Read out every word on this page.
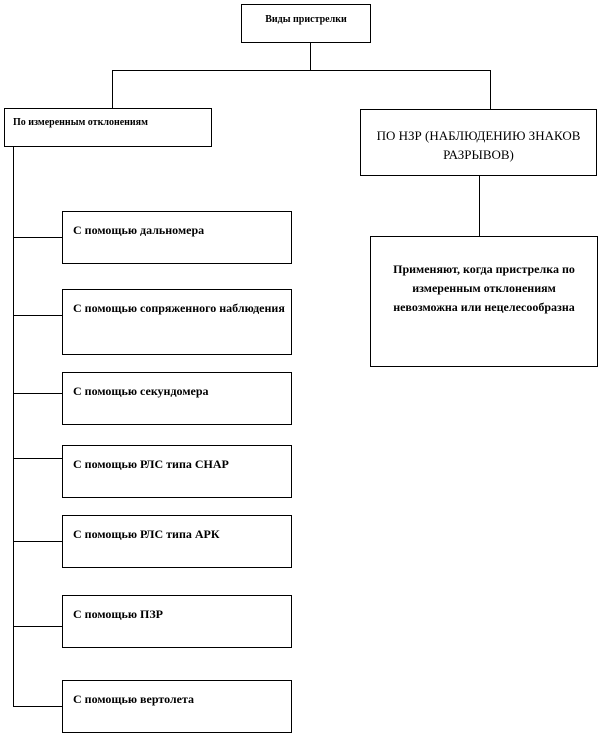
Виды пристрелки
По измеренным отклонениям
ПО НЗР (НАБЛЮДЕНИЮ ЗНАКОВ РАЗРЫВОВ)
Применяют, когда пристрелка по измеренным отклонениям невозможна или нецелесообразна
С помощью дальномера
С помощью сопряженного наблюдения
С помощью секундомера
С помощью РЛС типа СНАР
С помощью РЛС типа АРК
С помощью ПЗР
С помощью вертолета
